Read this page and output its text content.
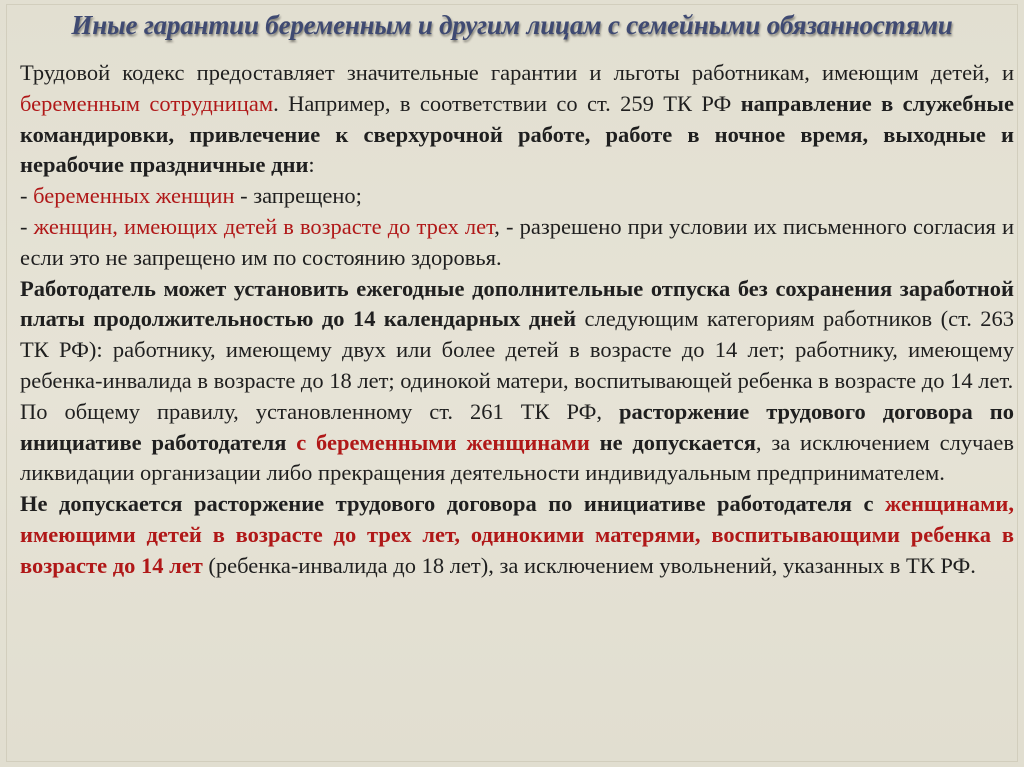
Иные гарантии беременным и другим лицам с семейными обязанностями

Трудовой кодекс предоставляет значительные гарантии и льготы работникам, имеющим детей, и беременным сотрудницам. Например, в соответствии со ст. 259 ТК РФ направление в служебные командировки, привлечение к сверхурочной работе, работе в ночное время, выходные и нерабочие праздничные дни:

- беременных женщин - запрещено;

- женщин, имеющих детей в возрасте до трех лет, - разрешено при условии их письменного согласия и если это не запрещено им по состоянию здоровья.

Работодатель может установить ежегодные дополнительные отпуска без сохранения заработной платы продолжительностью до 14 календарных дней следующим категориям работников (ст. 263 ТК РФ): работнику, имеющему двух или более детей в возрасте до 14 лет; работнику, имеющему ребенка-инвалида в возрасте до 18 лет; одинокой матери, воспитывающей ребенка в возрасте до 14 лет.

По общему правилу, установленному ст. 261 ТК РФ, расторжение трудового договора по инициативе работодателя с беременными женщинами не допускается, за исключением случаев ликвидации организации либо прекращения деятельности индивидуальным предпринимателем.

Не допускается расторжение трудового договора по инициативе работодателя с женщинами, имеющими детей в возрасте до трех лет, одинокими матерями, воспитывающими ребенка в возрасте до 14 лет (ребенка-инвалида до 18 лет), за исключением увольнений, указанных в ТК РФ.
